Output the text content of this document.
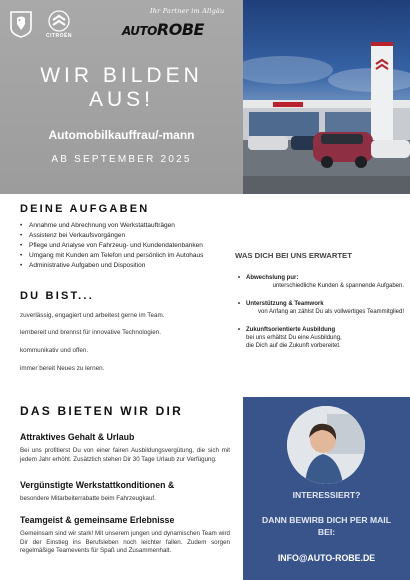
CITROËN
Ihr Partner im Allgäu
AUTOROBE
WIR BILDEN
AUS!
Automobilkauffrau/-mann
AB SEPTEMBER 2025
DEINE AUFGABEN
• Annahme und Abrechnung von Werkstattaufträgen
• Assistenz bei Verkaufsvorgängen
• Pflege und Analyse von Fahrzeug- und Kundendatenbanken
• Umgang mit Kunden am Telefon und persönlich im Autohaus
• Administrative Aufgaben und Disposition
DU BIST...
zuverlässig, engagiert und arbeitest gerne im Team.
lernbereit und brennst für innovative Technologien.
kommunikativ und offen.
immer bereit Neues zu lernen.
WAS DICH BEI UNS ERWARTET
• Abwechslung pur:
unterschiedliche Kunden & spannende Aufgaben.
• Unterstützung & Teamwork
von Anfang an zählst Du als vollwertiges Teammitglied!
• Zukunftsorientierte Ausbildung
bei uns erhältst Du eine Ausbildung,
die Dich auf die Zukunft vorbereitet.
DAS BIETEN WIR DIR
Attraktives Gehalt & Urlaub
Bei uns profitierst Du von einer fairen Ausbildungsvergütung, die sich mit jedem Jahr erhöht. Zusätzlich stehen Dir 30 Tage Urlaub zur Verfügung.
Vergünstigte Werkstattkonditionen &
besondere Mitarbeiterrabatte beim Fahrzeugkauf.
Teamgeist & gemeinsame Erlebnisse
Gemeinsam sind wir stark! Mit unserem jungen und dynamischen Team wird Dir der Einstieg ins Berufsleben noch leichter fallen. Zudem sorgen regelmäßige Teamevents für Spaß und Zusammenhalt.
INTERESSIERT?
DANN BEWIRB DICH PER MAIL
BEI:
INFO@AUTO-ROBE.DE
